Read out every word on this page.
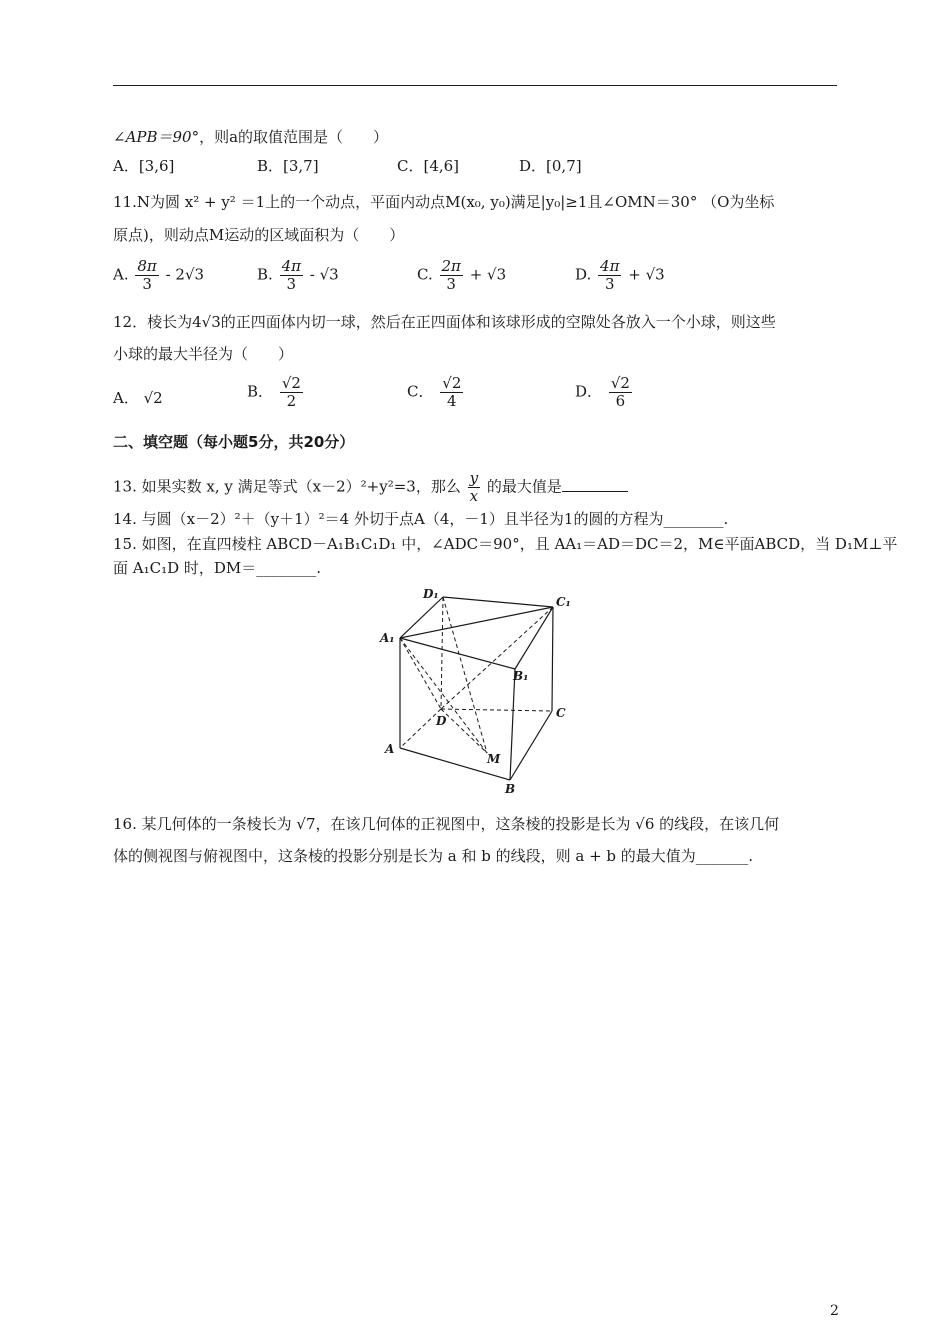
∠APB＝90°，则a的取值范围是（　　）
A．[3,6]	B．[3,7]	C．[4,6]	D．[0,7]
11.N为圆 x² + y² ＝1上的一个动点，平面内动点M(x₀, y₀)满足|y₀|≥1且∠OMN＝30° （O为坐标
原点)，则动点M运动的区域面积为（　　）
A. $\frac{8\pi}{3} - 2√3$	B. $\frac{4\pi}{3} - √3$	C. $\frac{2\pi}{3} + √3$	D. $\frac{4\pi}{3} + √3$
12．棱长为4√3的正四面体内切一球，然后在正四面体和该球形成的空隙处各放入一个小球，则这些
小球的最大半径为（　　）
A． √2	B． $\frac{√2}{2}$	C． $\frac{√2}{4}$	D． $\frac{√2}{6}$
二、填空题（每小题5分，共20分）
13. 如果实数 x, y 满足等式（x－2）²+y²=3，那么 $\frac{y}{x}$ 的最大值是
14. 与圆（x－2）²＋（y＋1）²＝4 外切于点A（4，－1）且半径为1的圆的方程为________.
15. 如图，在直四棱柱 ABCD－A₁B₁C₁D₁ 中，∠ADC＝90°，且 AA₁＝AD＝DC＝2，M∈平面ABCD，当 D₁M⊥平
面 A₁C₁D 时，DM＝________.
D₁
C₁
A₁
B₁
D
C
A
M
B
16. 某几何体的一条棱长为 √7，在该几何体的正视图中，这条棱的投影是长为 √6 的线段，在该几何
体的侧视图与俯视图中，这条棱的投影分别是长为 a 和 b 的线段，则 a + b 的最大值为_______.
2
